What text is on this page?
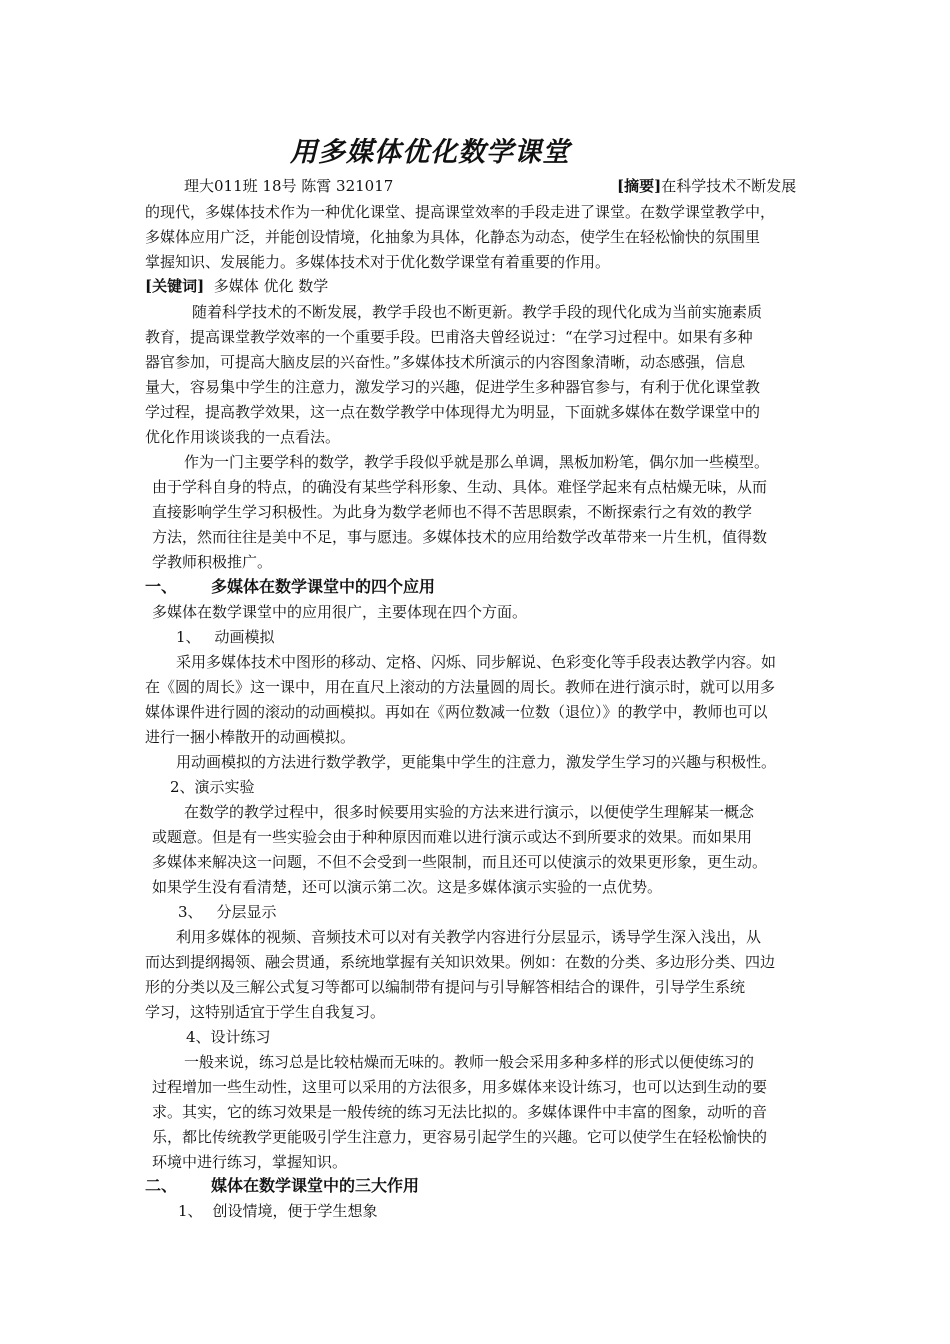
用多媒体优化数学课堂
理大011班 18号 陈霄 321017	[摘要]在科学技术不断发展
的现代，多媒体技术作为一种优化课堂、提高课堂效率的手段走进了课堂。在数学课堂教学中，
多媒体应用广泛，并能创设情境，化抽象为具体，化静态为动态，使学生在轻松愉快的氛围里
掌握知识、发展能力。多媒体技术对于优化数学课堂有着重要的作用。
[关键词] 多媒体 优化 数学
随着科学技术的不断发展，教学手段也不断更新。教学手段的现代化成为当前实施素质
教育，提高课堂教学效率的一个重要手段。巴甫洛夫曾经说过：“在学习过程中。如果有多种
器官参加，可提高大脑皮层的兴奋性。”多媒体技术所演示的内容图象清晰，动态感强，信息
量大，容易集中学生的注意力，激发学习的兴趣，促进学生多种器官参与，有利于优化课堂教
学过程，提高教学效果，这一点在数学教学中体现得尤为明显，下面就多媒体在数学课堂中的
优化作用谈谈我的一点看法。
作为一门主要学科的数学，教学手段似乎就是那么单调，黑板加粉笔，偶尔加一些模型。
由于学科自身的特点，的确没有某些学科形象、生动、具体。难怪学起来有点枯燥无味，从而
直接影响学生学习积极性。为此身为数学老师也不得不苦思瞑索，不断探索行之有效的教学
方法，然而往往是美中不足，事与愿违。多媒体技术的应用给数学改革带来一片生机，值得数
学教师积极推广。
一、 多媒体在数学课堂中的四个应用
多媒体在数学课堂中的应用很广，主要体现在四个方面。
1、 动画模拟
采用多媒体技术中图形的移动、定格、闪烁、同步解说、色彩变化等手段表达教学内容。如
在《圆的周长》这一课中，用在直尺上滚动的方法量圆的周长。教师在进行演示时，就可以用多
媒体课件进行圆的滚动的动画模拟。再如在《两位数减一位数（退位）》的教学中，教师也可以
进行一捆小棒散开的动画模拟。
用动画模拟的方法进行数学教学，更能集中学生的注意力，激发学生学习的兴趣与积极性。
2、演示实验
在数学的教学过程中，很多时候要用实验的方法来进行演示，以便使学生理解某一概念
或题意。但是有一些实验会由于种种原因而难以进行演示或达不到所要求的效果。而如果用
多媒体来解决这一问题，不但不会受到一些限制，而且还可以使演示的效果更形象，更生动。
如果学生没有看清楚，还可以演示第二次。这是多媒体演示实验的一点优势。
3、 分层显示
利用多媒体的视频、音频技术可以对有关教学内容进行分层显示，诱导学生深入浅出，从
而达到提纲揭领、融会贯通，系统地掌握有关知识效果。例如：在数的分类、多边形分类、四边
形的分类以及三解公式复习等都可以编制带有提问与引导解答相结合的课件，引导学生系统
学习，这特别适宜于学生自我复习。
4、设计练习
一般来说，练习总是比较枯燥而无味的。教师一般会采用多种多样的形式以便使练习的
过程增加一些生动性，这里可以采用的方法很多，用多媒体来设计练习，也可以达到生动的要
求。其实，它的练习效果是一般传统的练习无法比拟的。多媒体课件中丰富的图象，动听的音
乐，都比传统教学更能吸引学生注意力，更容易引起学生的兴趣。它可以使学生在轻松愉快的
环境中进行练习，掌握知识。
二、 媒体在数学课堂中的三大作用
1、 创设情境，便于学生想象
